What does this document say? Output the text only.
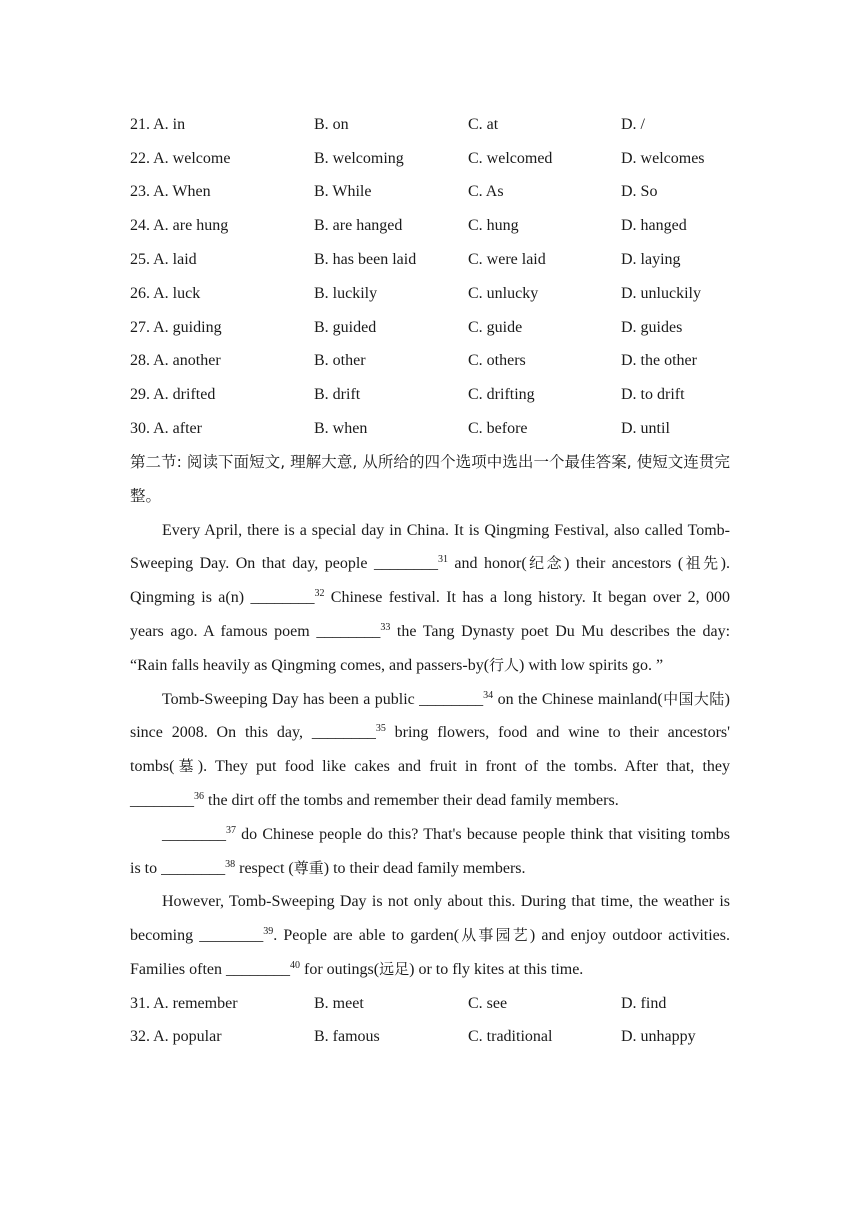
21. A. in	B. on	C. at	D. /
22. A. welcome	B. welcoming	C. welcomed	D. welcomes
23. A. When	B. While	C. As	D. So
24. A. are hung	B. are hanged	C. hung	D. hanged
25. A. laid	B. has been laid	C. were laid	D. laying
26. A. luck	B. luckily	C. unlucky	D. unluckily
27. A. guiding	B. guided	C. guide	D. guides
28. A. another	B. other	C. others	D. the other
29. A. drifted	B. drift	C. drifting	D. to drift
30. A. after	B. when	C. before	D. until
第二节: 阅读下面短文, 理解大意, 从所给的四个选项中选出一个最佳答案, 使短文连贯完整。

Every April, there is a special day in China. It is Qingming Festival, also called Tomb-Sweeping Day. On that day, people ________$^{31}$ and honor(纪念) their ancestors (祖先). Qingming is a(n) ________$^{32}$ Chinese festival. It has a long history. It began over 2, 000 years ago. A famous poem ________$^{33}$ the Tang Dynasty poet Du Mu describes the day: “Rain falls heavily as Qingming comes, and passers-by(行人) with low spirits go. ”

Tomb-Sweeping Day has been a public ________$^{34}$ on the Chinese mainland(中国大陆) since 2008. On this day, ________$^{35}$ bring flowers, food and wine to their ancestors' tombs(墓). They put food like cakes and fruit in front of the tombs. After that, they ________$^{36}$ the dirt off the tombs and remember their dead family members.

________$^{37}$ do Chinese people do this? That's because people think that visiting tombs is to ________$^{38}$ respect (尊重) to their dead family members.

However, Tomb-Sweeping Day is not only about this. During that time, the weather is becoming ________$^{39}$. People are able to garden(从事园艺) and enjoy outdoor activities. Families often ________$^{40}$ for outings(远足) or to fly kites at this time.

31. A. remember	B. meet	C. see	D. find
32. A. popular	B. famous	C. traditional	D. unhappy
